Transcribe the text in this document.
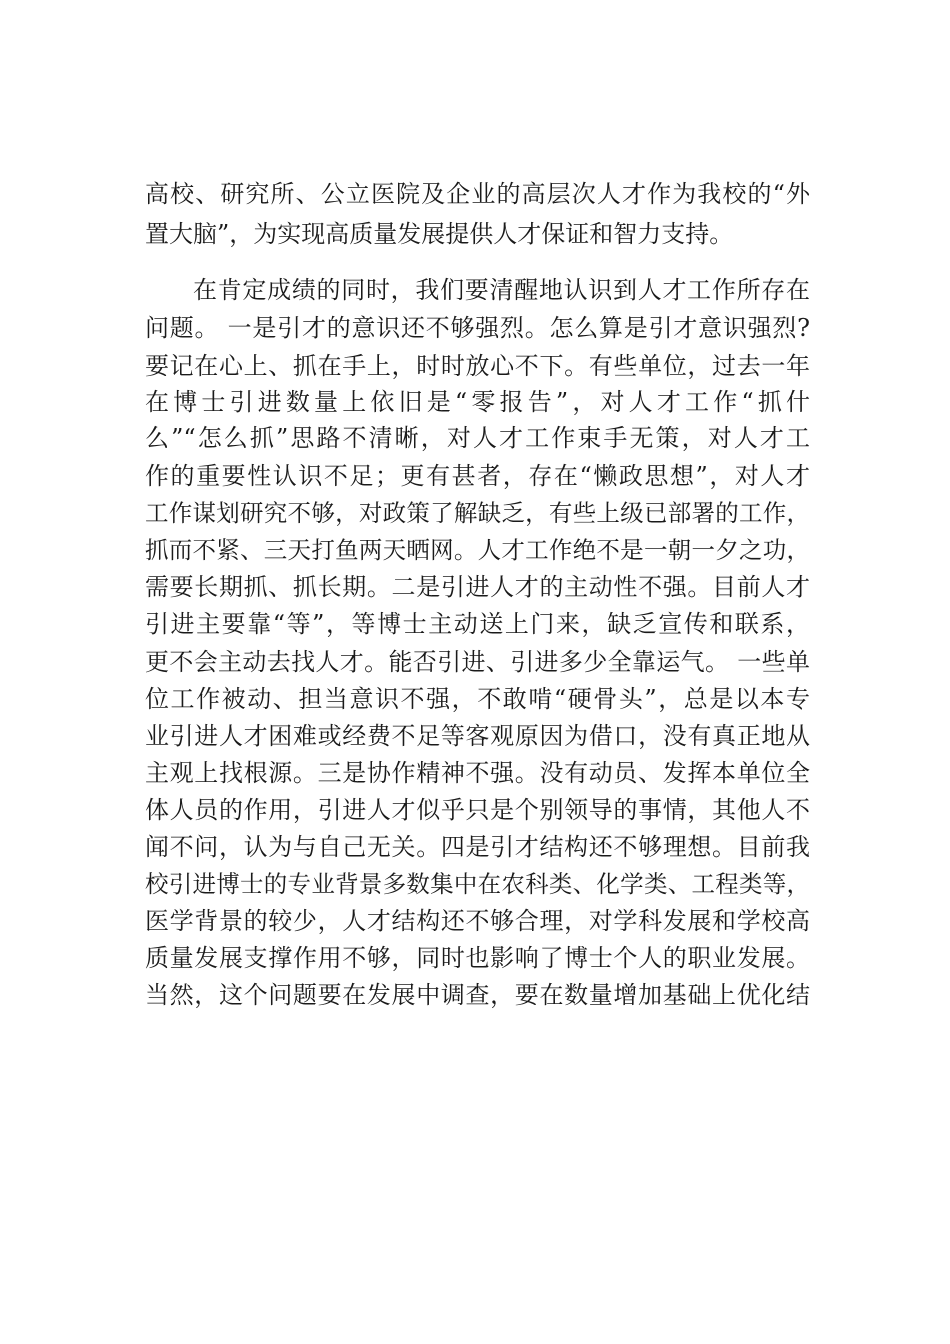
高校、研究所、公立医院及企业的高层次人才作为我校的“外
置大脑”，为实现高质量发展提供人才保证和智力支持。
在肯定成绩的同时，我们要清醒地认识到人才工作所存在
问题。 一是引才的意识还不够强烈。怎么算是引才意识强烈?
要记在心上、抓在手上，时时放心不下。有些单位，过去一年
在博士引进数量上依旧是“零报告”，对人才工作“抓什
么”“怎么抓”思路不清晰，对人才工作束手无策，对人才工
作的重要性认识不足；更有甚者，存在“懒政思想”，对人才
工作谋划研究不够，对政策了解缺乏，有些上级已部署的工作，
抓而不紧、三天打鱼两天晒网。人才工作绝不是一朝一夕之功，
需要长期抓、抓长期。二是引进人才的主动性不强。目前人才
引进主要靠“等”，等博士主动送上门来，缺乏宣传和联系，
更不会主动去找人才。能否引进、引进多少全靠运气。 一些单
位工作被动、担当意识不强，不敢啃“硬骨头”，总是以本专
业引进人才困难或经费不足等客观原因为借口，没有真正地从
主观上找根源。三是协作精神不强。没有动员、发挥本单位全
体人员的作用，引进人才似乎只是个别领导的事情，其他人不
闻不问，认为与自己无关。四是引才结构还不够理想。目前我
校引进博士的专业背景多数集中在农科类、化学类、工程类等，
医学背景的较少，人才结构还不够合理，对学科发展和学校高
质量发展支撑作用不够，同时也影响了博士个人的职业发展。
当然，这个问题要在发展中调查，要在数量增加基础上优化结
